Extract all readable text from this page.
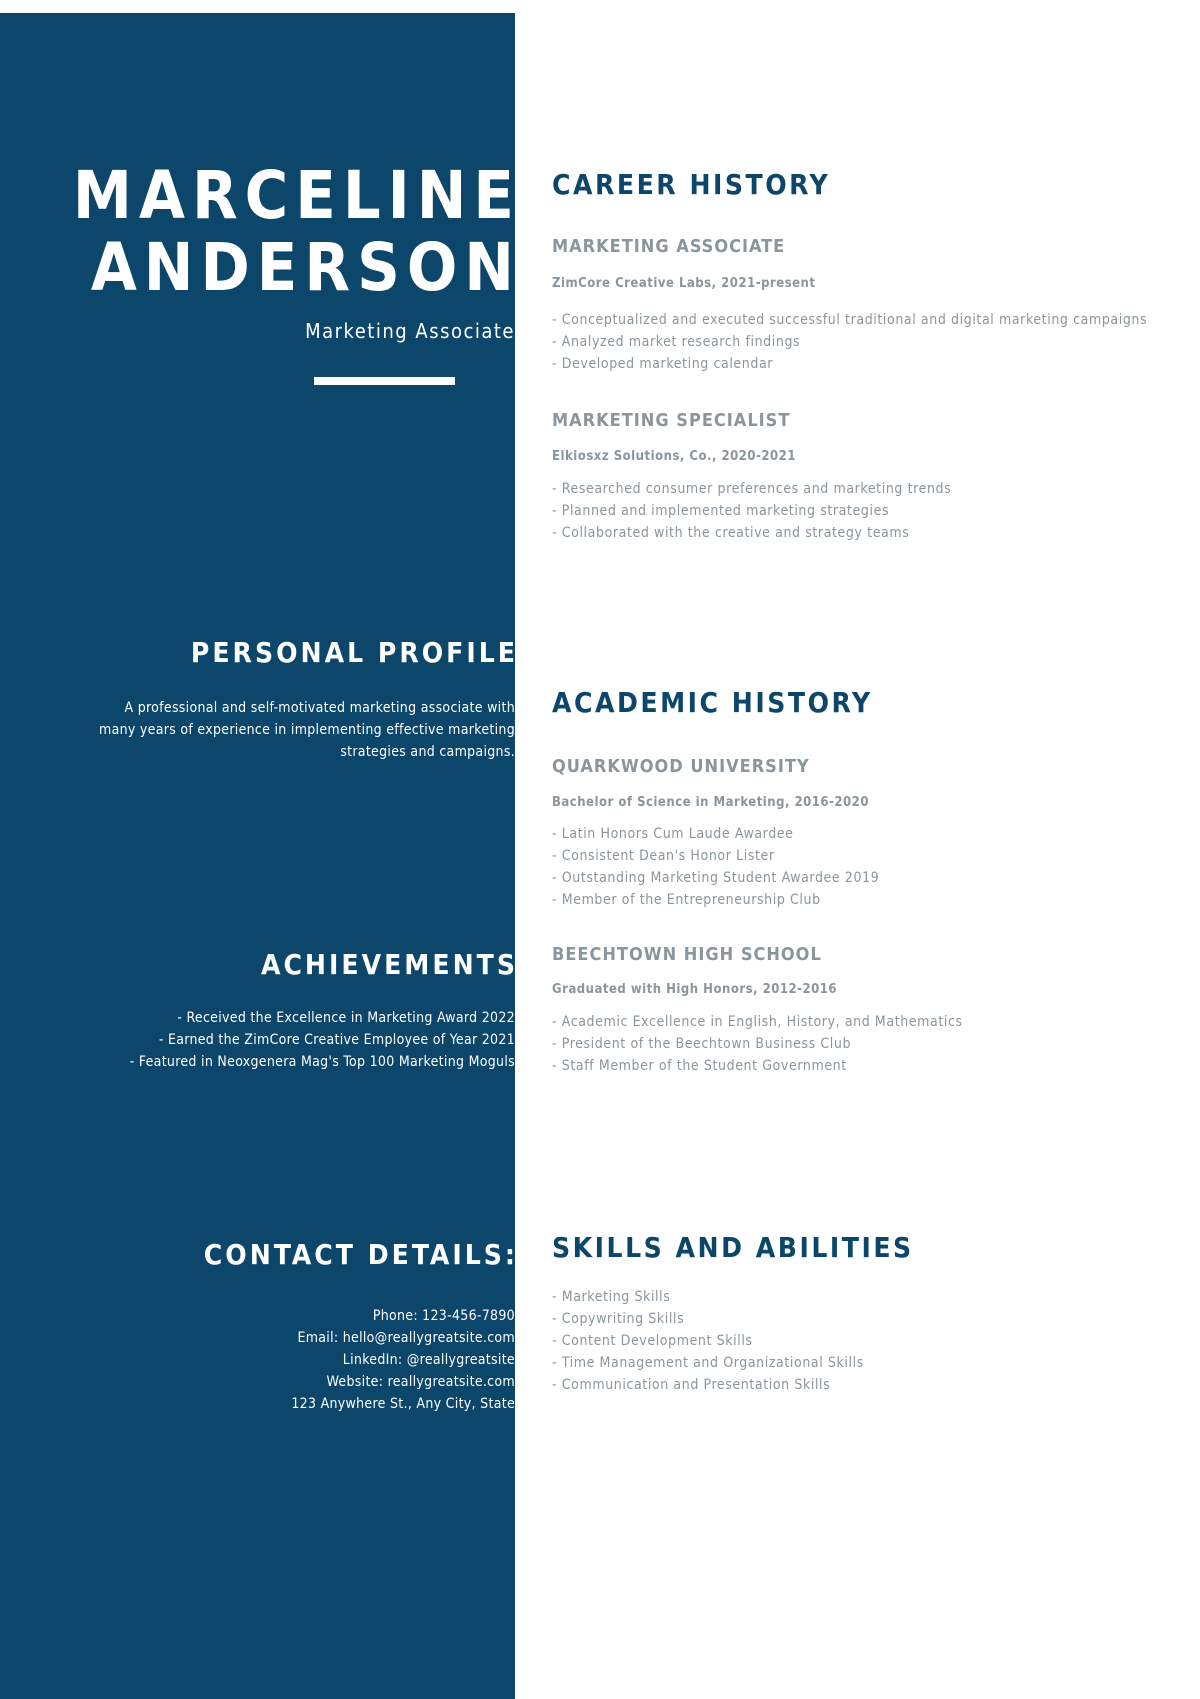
MARCELINE
ANDERSON
Marketing Associate
PERSONAL PROFILE
A professional and self-motivated marketing associate with
many years of experience in implementing effective marketing
strategies and campaigns.
ACHIEVEMENTS
- Received the Excellence in Marketing Award 2022
- Earned the ZimCore Creative Employee of Year 2021
- Featured in Neoxgenera Mag's Top 100 Marketing Moguls
CONTACT DETAILS:
Phone: 123-456-7890
Email: hello@reallygreatsite.com
LinkedIn: @reallygreatsite
Website: reallygreatsite.com
123 Anywhere St., Any City, State
CAREER HISTORY
MARKETING ASSOCIATE
ZimCore Creative Labs, 2021-present
- Conceptualized and executed successful traditional and digital marketing campaigns
- Analyzed market research findings
- Developed marketing calendar
MARKETING SPECIALIST
Elkiosxz Solutions, Co., 2020-2021
- Researched consumer preferences and marketing trends
- Planned and implemented marketing strategies
- Collaborated with the creative and strategy teams
ACADEMIC HISTORY
QUARKWOOD UNIVERSITY
Bachelor of Science in Marketing, 2016-2020
- Latin Honors Cum Laude Awardee
- Consistent Dean's Honor Lister
- Outstanding Marketing Student Awardee 2019
- Member of the Entrepreneurship Club
BEECHTOWN HIGH SCHOOL
Graduated with High Honors, 2012-2016
- Academic Excellence in English, History, and Mathematics
- President of the Beechtown Business Club
- Staff Member of the Student Government
SKILLS AND ABILITIES
- Marketing Skills
- Copywriting Skills
- Content Development Skills
- Time Management and Organizational Skills
- Communication and Presentation Skills
